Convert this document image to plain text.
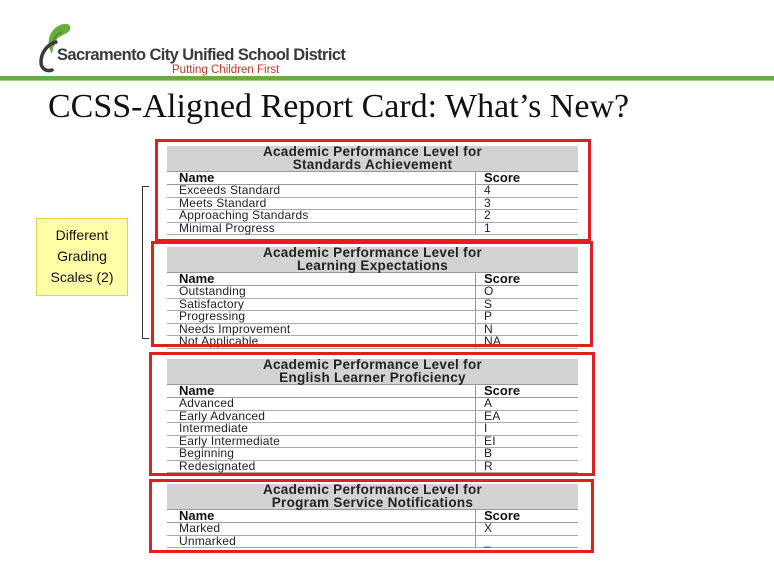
Sacramento City Unified School District
Putting Children First
CCSS-Aligned Report Card: What’s New?
Different
Grading
Scales (2)
Academic Performance Level for
Standards Achievement
Name	Score
Exceeds Standard	4
Meets Standard	3
Approaching Standards	2
Minimal Progress	1
Academic Performance Level for
Learning Expectations
Name	Score
Outstanding	O
Satisfactory	S
Progressing	P
Needs Improvement	N
Not Applicable	NA
Academic Performance Level for
English Learner Proficiency
Name	Score
Advanced	A
Early Advanced	EA
Intermediate	I
Early Intermediate	EI
Beginning	B
Redesignated	R
Academic Performance Level for
Program Service Notifications
Name	Score
Marked	X
Unmarked	_
